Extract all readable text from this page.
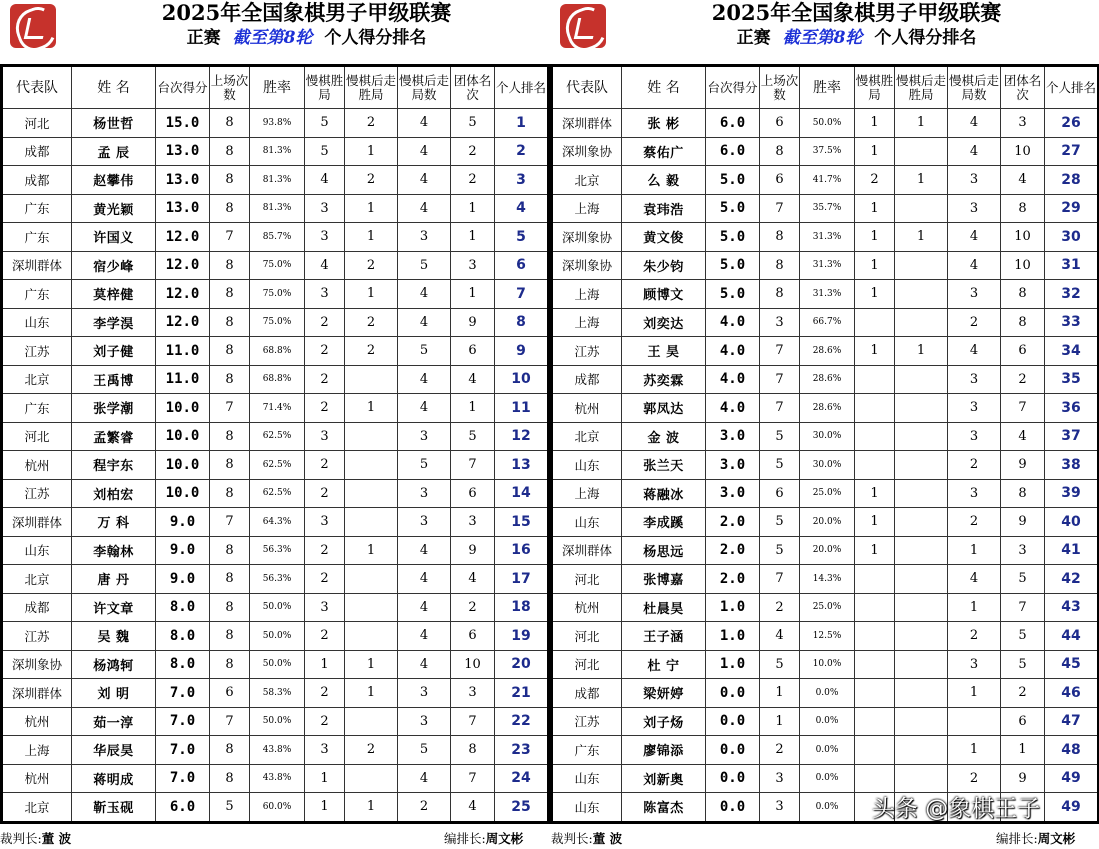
2025年全国象棋男子甲级联赛
正赛 截至第8轮 个人得分排名
代表队	姓 名	台次得分	上场次数	胜率	慢棋胜局	慢棋后走胜局	慢棋后走局数	团体名次	个人排名
河北	杨世哲	15.0	8	93.8%	5	2	4	5	1
成都	孟 辰	13.0	8	81.3%	5	1	4	2	2
成都	赵攀伟	13.0	8	81.3%	4	2	4	2	3
广东	黄光颖	13.0	8	81.3%	3	1	4	1	4
广东	许国义	12.0	7	85.7%	3	1	3	1	5
深圳群体	宿少峰	12.0	8	75.0%	4	2	5	3	6
广东	莫梓健	12.0	8	75.0%	3	1	4	1	7
山东	李学淏	12.0	8	75.0%	2	2	4	9	8
江苏	刘子健	11.0	8	68.8%	2	2	5	6	9
北京	王禹博	11.0	8	68.8%	2		4	4	10
广东	张学潮	10.0	7	71.4%	2	1	4	1	11
河北	孟繁睿	10.0	8	62.5%	3		3	5	12
杭州	程宇东	10.0	8	62.5%	2		5	7	13
江苏	刘柏宏	10.0	8	62.5%	2		3	6	14
深圳群体	万 科	9.0	7	64.3%	3		3	3	15
山东	李翰林	9.0	8	56.3%	2	1	4	9	16
北京	唐 丹	9.0	8	56.3%	2		4	4	17
成都	许文章	8.0	8	50.0%	3		4	2	18
江苏	吴 魏	8.0	8	50.0%	2		4	6	19
深圳象协	杨鸿轲	8.0	8	50.0%	1	1	4	10	20
深圳群体	刘 明	7.0	6	58.3%	2	1	3	3	21
杭州	茹一淳	7.0	7	50.0%	2		3	7	22
上海	华辰昊	7.0	8	43.8%	3	2	5	8	23
杭州	蒋明成	7.0	8	43.8%	1		4	7	24
北京	靳玉砚	6.0	5	60.0%	1	1	2	4	25
2025年全国象棋男子甲级联赛
正赛 截至第8轮 个人得分排名
代表队	姓 名	台次得分	上场次数	胜率	慢棋胜局	慢棋后走胜局	慢棋后走局数	团体名次	个人排名
深圳群体	张 彬	6.0	6	50.0%	1	1	4	3	26
深圳象协	蔡佑广	6.0	8	37.5%	1		4	10	27
北京	么 毅	5.0	6	41.7%	2	1	3	4	28
上海	袁玮浩	5.0	7	35.7%	1		3	8	29
深圳象协	黄文俊	5.0	8	31.3%	1	1	4	10	30
深圳象协	朱少钧	5.0	8	31.3%	1		4	10	31
上海	顾博文	5.0	8	31.3%	1		3	8	32
上海	刘奕达	4.0	3	66.7%			2	8	33
江苏	王 昊	4.0	7	28.6%	1	1	4	6	34
成都	苏奕霖	4.0	7	28.6%			3	2	35
杭州	郭凤达	4.0	7	28.6%			3	7	36
北京	金 波	3.0	5	30.0%			3	4	37
山东	张兰天	3.0	5	30.0%			2	9	38
上海	蒋融冰	3.0	6	25.0%	1		3	8	39
山东	李成蹊	2.0	5	20.0%	1		2	9	40
深圳群体	杨思远	2.0	5	20.0%	1		1	3	41
河北	张博嘉	2.0	7	14.3%			4	5	42
杭州	杜晨昊	1.0	2	25.0%			1	7	43
河北	王子涵	1.0	4	12.5%			2	5	44
河北	杜 宁	1.0	5	10.0%			3	5	45
成都	梁妍婷	0.0	1	0.0%			1	2	46
江苏	刘子炀	0.0	1	0.0%				6	47
广东	廖锦添	0.0	2	0.0%			1	1	48
山东	刘新奥	0.0	3	0.0%			2	9	49
山东	陈富杰	0.0	3	0.0%					49
裁判长:董 波	编排长:周文彬 裁判长:董 波	编排长:周文彬
头条 @象棋王子
